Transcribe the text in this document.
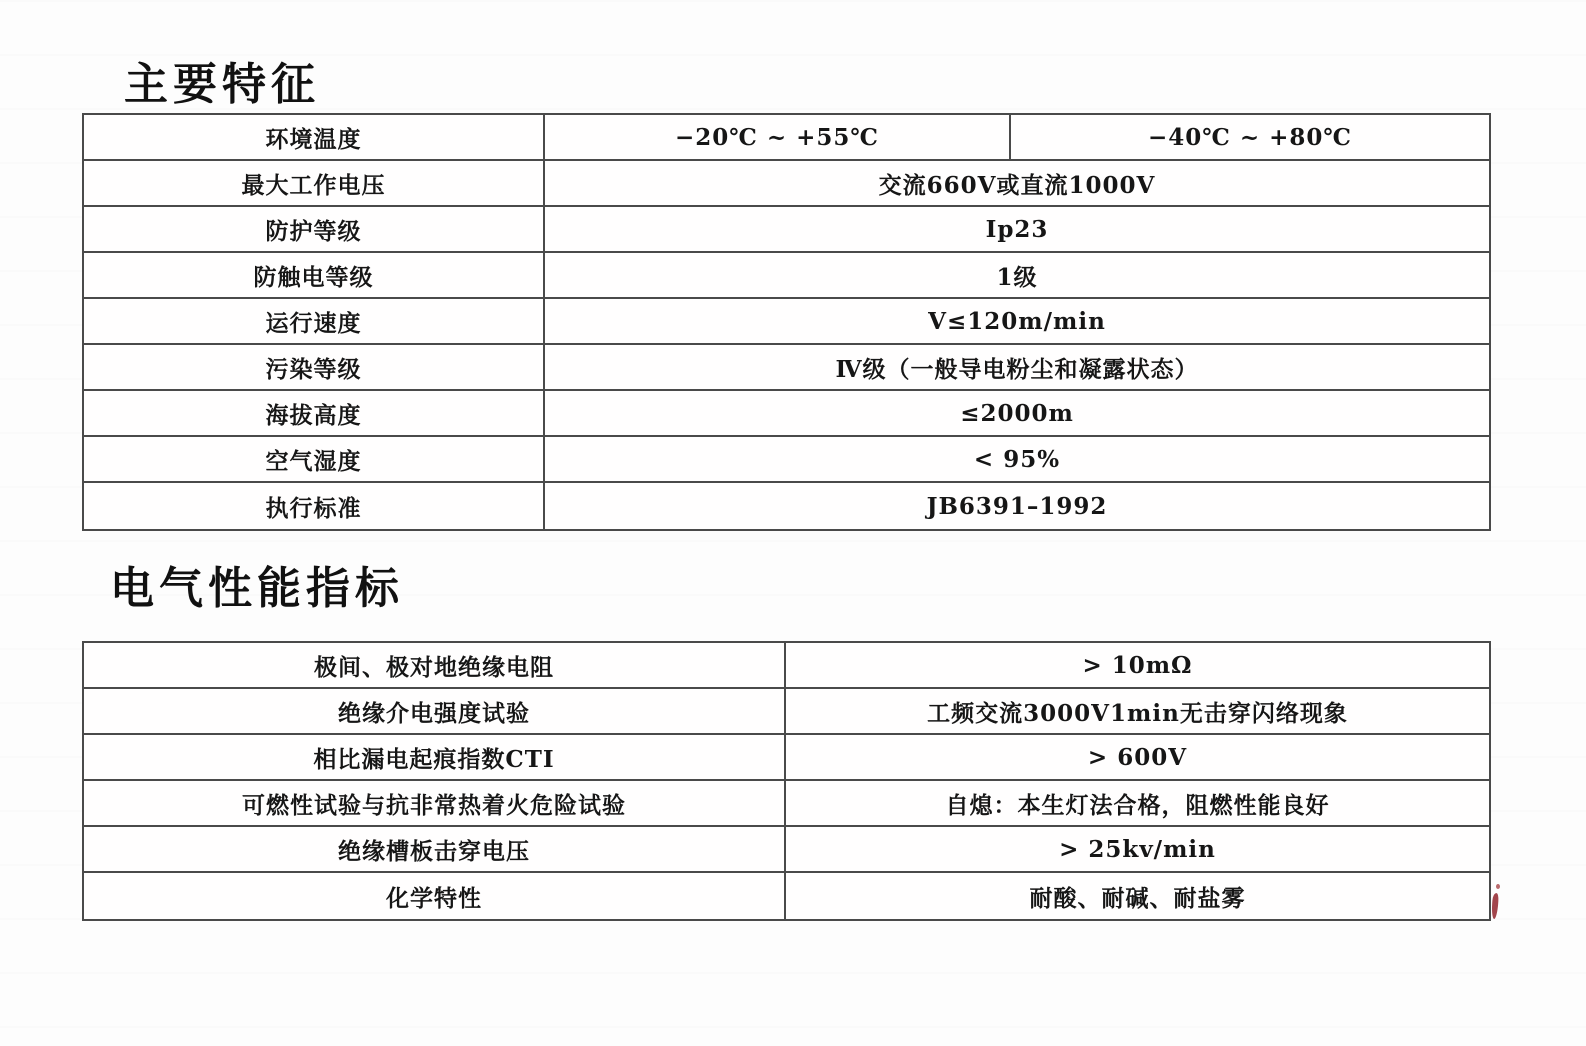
主要特征
环境温度	−20℃ ~ +55℃	−40℃ ~ +80℃
最大工作电压	交流660V或直流1000V
防护等级	Ip23
防触电等级	1级
运行速度	V≤120m/min
污染等级	Ⅳ级（一般导电粉尘和凝露状态）
海拔高度	≤2000m
空气湿度	< 95%
执行标准	JB6391–1992
电气性能指标
极间、极对地绝缘电阻	> 10mΩ
绝缘介电强度试验	工频交流3000V1min无击穿闪络现象
相比漏电起痕指数CTI	> 600V
可燃性试验与抗非常热着火危险试验	自熄：本生灯法合格，阻燃性能良好
绝缘槽板击穿电压	> 25kv/min
化学特性	耐酸、耐碱、耐盐雾
